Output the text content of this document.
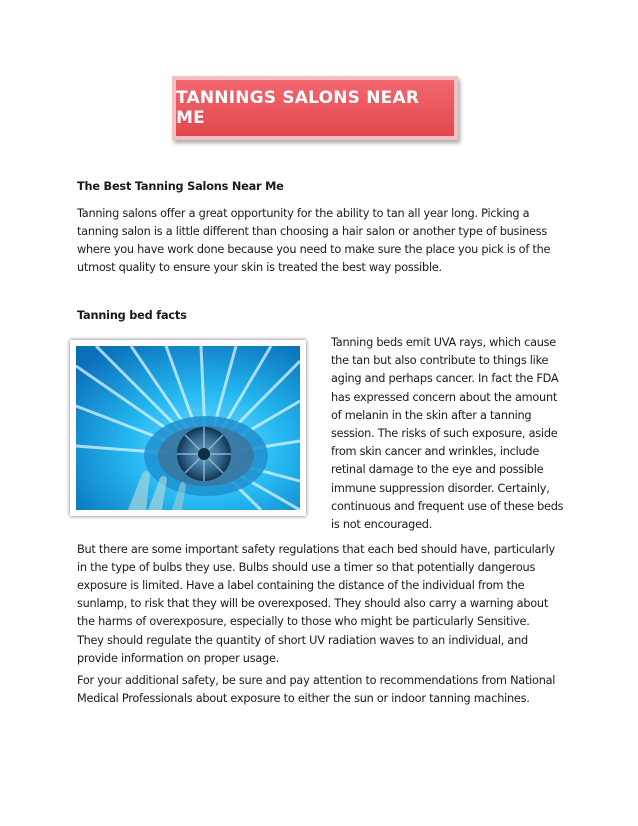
TANNINGS SALONS NEAR ME
The Best Tanning Salons Near Me

Tanning salons offer a great opportunity for the ability to tan all year long. Picking a tanning salon is a little different than choosing a hair salon or another type of business where you have work done because you need to make sure the place you pick is of the utmost quality to ensure your skin is treated the best way possible.

Tanning bed facts

Tanning beds emit UVA rays, which cause the tan but also contribute to things like aging and perhaps cancer. In fact the FDA has expressed concern about the amount of melanin in the skin after a tanning session. The risks of such exposure, aside from skin cancer and wrinkles, include retinal damage to the eye and possible immune suppression disorder. Certainly, continuous and frequent use of these beds is not encouraged.

But there are some important safety regulations that each bed should have, particularly in the type of bulbs they use. Bulbs should use a timer so that potentially dangerous exposure is limited. Have a label containing the distance of the individual from the sunlamp, to risk that they will be overexposed. They should also carry a warning about the harms of overexposure, especially to those who might be particularly Sensitive.

They should regulate the quantity of short UV radiation waves to an individual, and provide information on proper usage.

For your additional safety, be sure and pay attention to recommendations from National Medical Professionals about exposure to either the sun or indoor tanning machines.
